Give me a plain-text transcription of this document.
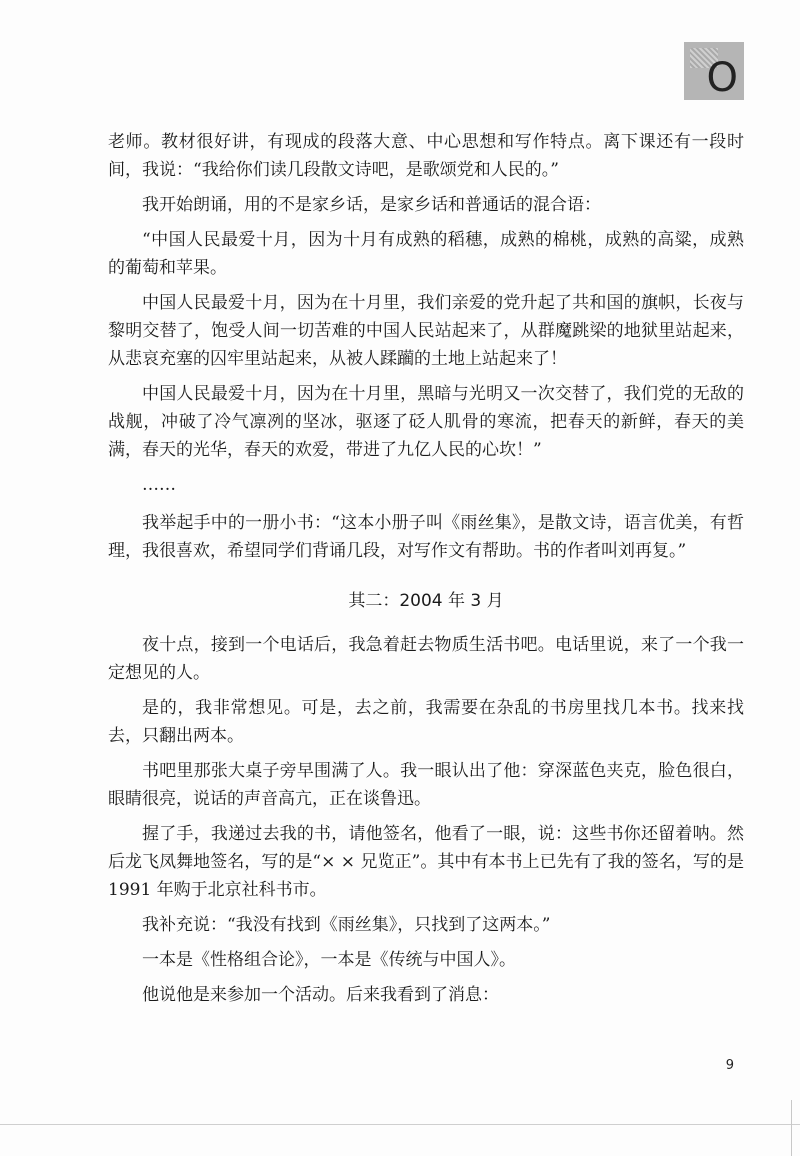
O

老师。教材很好讲，有现成的段落大意、中心思想和写作特点。离下课还有一段时间，我说：“我给你们读几段散文诗吧，是歌颂党和人民的。”

我开始朗诵，用的不是家乡话，是家乡话和普通话的混合语：

“中国人民最爱十月，因为十月有成熟的稻穗，成熟的棉桃，成熟的高粱，成熟的葡萄和苹果。

中国人民最爱十月，因为在十月里，我们亲爱的党升起了共和国的旗帜，长夜与黎明交替了，饱受人间一切苦难的中国人民站起来了，从群魔跳梁的地狱里站起来，从悲哀充塞的囚牢里站起来，从被人蹂躏的土地上站起来了！

中国人民最爱十月，因为在十月里，黑暗与光明又一次交替了，我们党的无敌的战舰，冲破了冷气凛冽的坚冰，驱逐了砭人肌骨的寒流，把春天的新鲜，春天的美满，春天的光华，春天的欢爱，带进了九亿人民的心坎！”

……

我举起手中的一册小书：“这本小册子叫《雨丝集》，是散文诗，语言优美，有哲理，我很喜欢，希望同学们背诵几段，对写作文有帮助。书的作者叫刘再复。”

其二：2004 年 3 月

夜十点，接到一个电话后，我急着赶去物质生活书吧。电话里说，来了一个我一定想见的人。

是的，我非常想见。可是，去之前，我需要在杂乱的书房里找几本书。找来找去，只翻出两本。

书吧里那张大桌子旁早围满了人。我一眼认出了他：穿深蓝色夹克，脸色很白，眼睛很亮，说话的声音高亢，正在谈鲁迅。

握了手，我递过去我的书，请他签名，他看了一眼，说：这些书你还留着呐。然后龙飞凤舞地签名，写的是“× × 兄览正”。其中有本书上已先有了我的签名，写的是 1991 年购于北京社科书市。

我补充说：“我没有找到《雨丝集》，只找到了这两本。”

一本是《性格组合论》，一本是《传统与中国人》。

他说他是来参加一个活动。后来我看到了消息：

9
